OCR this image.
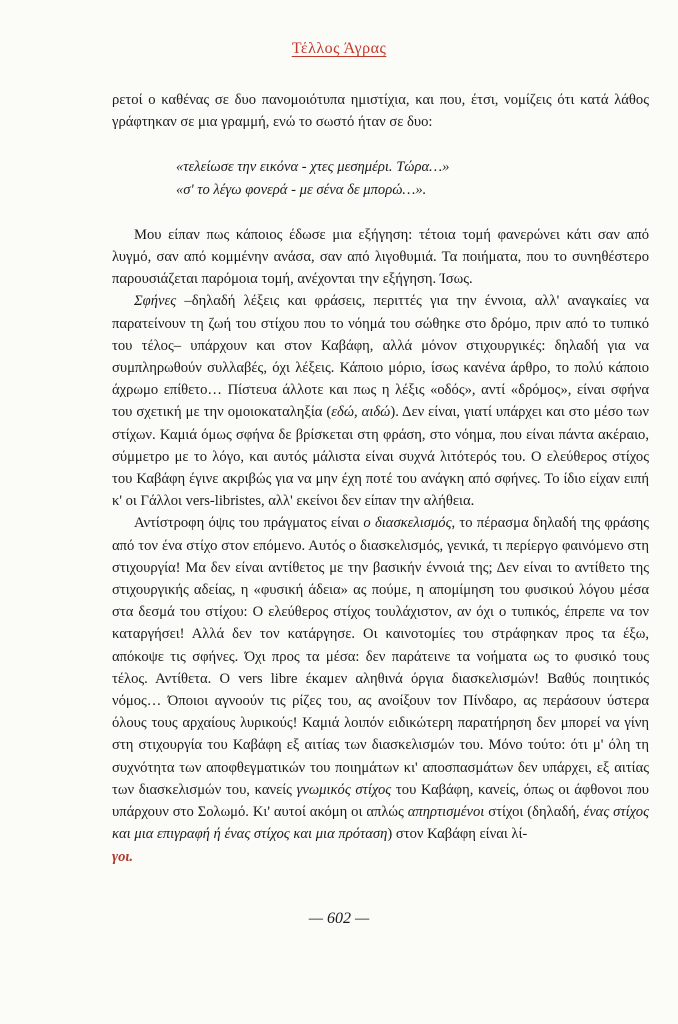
Τέλλος Άγρας

ρετοί ο καθένας σε δυο πανομοιότυπα ημιστίχια, και που, έτσι, νομίζεις ότι κατά λάθος γράφτηκαν σε μια γραμμή, ενώ το σωστό ήταν σε δυο:

«τελείωσε την εικόνα - χτες μεσημέρι. Τώρα…»
«σ' το λέγω φονερά - με σένα δε μπορώ…».

Μου είπαν πως κάποιος έδωσε μια εξήγηση: τέτοια τομή φανερώνει κάτι σαν από λυγμό, σαν από κομμένην ανάσα, σαν από λιγοθυμιά. Τα ποιήματα, που το συνηθέστερο παρουσιάζεται παρόμοια τομή, ανέχονται την εξήγηση. Ίσως.

Σφήνες –δηλαδή λέξεις και φράσεις, περιττές για την έννοια, αλλ' αναγκαίες να παρατείνουν τη ζωή του στίχου που το νόημά του σώθηκε στο δρόμο, πριν από το τυπικό του τέλος– υπάρχουν και στον Καβάφη, αλλά μόνον στιχουργικές: δηλαδή για να συμπληρωθούν συλλαβές, όχι λέξεις. Κάποιο μόριο, ίσως κανένα άρθρο, το πολύ κάποιο άχρωμο επίθετο… Πίστευα άλλοτε και πως η λέξις «οδός», αντί «δρόμος», είναι σφήνα του σχετική με την ομοιοκαταληξία (εδώ, αιδώ). Δεν είναι, γιατί υπάρχει και στο μέσο των στίχων. Καμιά όμως σφήνα δε βρίσκεται στη φράση, στο νόημα, που είναι πάντα ακέραιο, σύμμετρο με το λόγο, και αυτός μάλιστα είναι συχνά λιτότερός του. Ο ελεύθερος στίχος του Καβάφη έγινε ακριβώς για να μην έχη ποτέ του ανάγκη από σφήνες. Το ίδιο είχαν ειπή κ' οι Γάλλοι vers-libristes, αλλ' εκείνοι δεν είπαν την αλήθεια.

Αντίστροφη όψις του πράγματος είναι ο διασκελισμός, το πέρασμα δηλαδή της φράσης από τον ένα στίχο στον επόμενο. Αυτός ο διασκελισμός, γενικά, τι περίεργο φαινόμενο στη στιχουργία! Μα δεν είναι αντίθετος με την βασικήν έννοιά της; Δεν είναι το αντίθετο της στιχουργικής αδείας, η «φυσική άδεια» ας πούμε, η απομίμηση του φυσικού λόγου μέσα στα δεσμά του στίχου: Ο ελεύθερος στίχος τουλάχιστον, αν όχι ο τυπικός, έπρεπε να τον καταργήσει! Αλλά δεν τον κατάργησε. Οι καινοτομίες του στράφηκαν προς τα έξω, απόκοψε τις σφήνες. Όχι προς τα μέσα: δεν παράτεινε τα νοήματα ως το φυσικό τους τέλος. Αντίθετα. Ο vers libre έκαμεν αληθινά όργια διασκελισμών! Βαθύς ποιητικός νόμος… Όποιοι αγνοούν τις ρίζες του, ας ανοίξουν τον Πίνδαρο, ας περάσουν ύστερα όλους τους αρχαίους λυρικούς! Καμιά λοιπόν ειδικώτερη παρατήρηση δεν μπορεί να γίνη στη στιχουργία του Καβάφη εξ αιτίας των διασκελισμών του. Μόνο τούτο: ότι μ' όλη τη συχνότητα των αποφθεγματικών του ποιημάτων κι' αποσπασμάτων δεν υπάρχει, εξ αιτίας των διασκελισμών του, κανείς γνωμικός στίχος του Καβάφη, κανείς, όπως οι άφθονοι που υπάρχουν στο Σολωμό. Κι' αυτοί ακόμη οι απλώς απηρτισμένοι στίχοι (δηλαδή, ένας στίχος και μια επιγραφή ή ένας στίχος και μια πρόταση) στον Καβάφη είναι λί-
γοι.

— 602 —
